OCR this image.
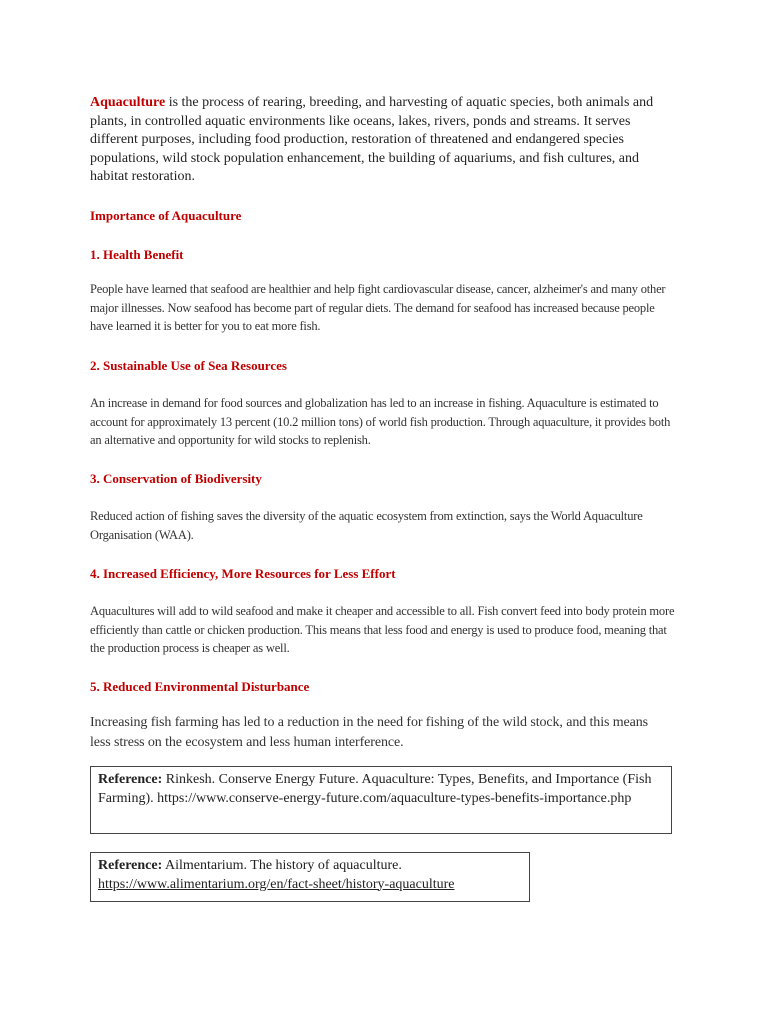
Aquaculture is the process of rearing, breeding, and harvesting of aquatic species, both animals and plants, in controlled aquatic environments like oceans, lakes, rivers, ponds and streams. It serves different purposes, including food production, restoration of threatened and endangered species populations, wild stock population enhancement, the building of aquariums, and fish cultures, and habitat restoration.

Importance of Aquaculture
1. Health Benefit

People have learned that seafood are healthier and help fight cardiovascular disease, cancer, alzheimer's and many other major illnesses. Now seafood has become part of regular diets. The demand for seafood has increased because people have learned it is better for you to eat more fish.

2. Sustainable Use of Sea Resources

An increase in demand for food sources and globalization has led to an increase in fishing. Aquaculture is estimated to account for approximately 13 percent (10.2 million tons) of world fish production. Through aquaculture, it provides both an alternative and opportunity for wild stocks to replenish.

3. Conservation of Biodiversity

Reduced action of fishing saves the diversity of the aquatic ecosystem from extinction, says the World Aquaculture Organisation (WAA).

4. Increased Efficiency, More Resources for Less Effort

Aquacultures will add to wild seafood and make it cheaper and accessible to all. Fish convert feed into body protein more efficiently than cattle or chicken production. This means that less food and energy is used to produce food, meaning that the production process is cheaper as well.

5. Reduced Environmental Disturbance

Increasing fish farming has led to a reduction in the need for fishing of the wild stock, and this means less stress on the ecosystem and less human interference.

Reference: Rinkesh. Conserve Energy Future. Aquaculture: Types, Benefits, and Importance (Fish Farming). https://www.conserve-energy-future.com/aquaculture-types-benefits-importance.php
Reference: Ailmentarium. The history of aquaculture.
https://www.alimentarium.org/en/fact-sheet/history-aquaculture
